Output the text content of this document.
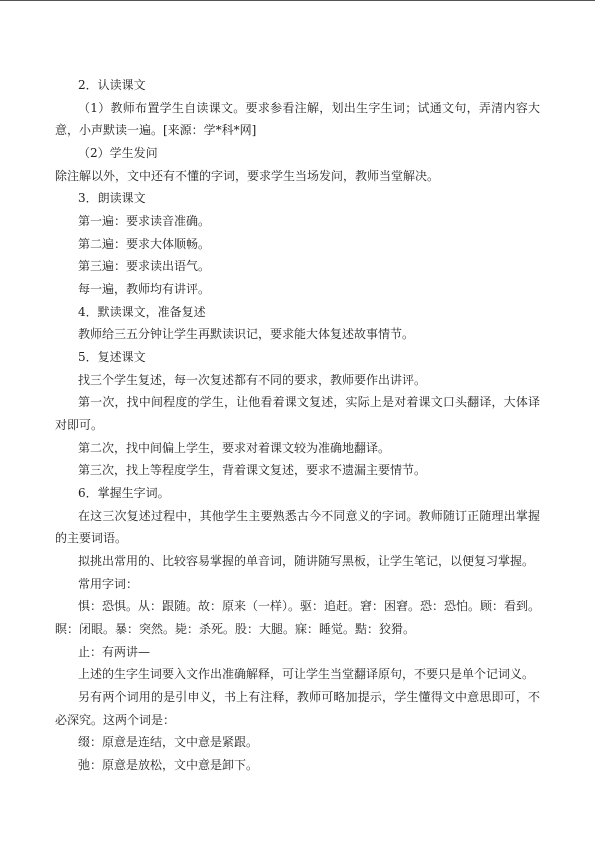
2．认读课文
（1）教师布置学生自读课文。要求参看注解，划出生字生词；试通文句，弄清内容大
意，小声默读一遍。[来源：学*科*网]
（2）学生发问
除注解以外，文中还有不懂的字词，要求学生当场发问，教师当堂解决。
3．朗读课文
第一遍：要求读音准确。
第二遍：要求大体顺畅。
第三遍：要求读出语气。
每一遍，教师均有讲评。
4．默读课文，准备复述
教师给三五分钟让学生再默读识记，要求能大体复述故事情节。
5．复述课文
找三个学生复述，每一次复述都有不同的要求，教师要作出讲评。
第一次，找中间程度的学生，让他看着课文复述，实际上是对着课文口头翻译，大体译
对即可。
第二次，找中间偏上学生，要求对着课文较为准确地翻译。
第三次，找上等程度学生，背着课文复述，要求不遗漏主要情节。
6．掌握生字词。
在这三次复述过程中，其他学生主要熟悉古今不同意义的字词。教师随订正随理出掌握
的主要词语。
拟挑出常用的、比较容易掌握的单音词，随讲随写黑板，让学生笔记，以便复习掌握。
常用字词：
惧：恐惧。从：跟随。故：原来（一样）。驱：追赶。窘：困窘。恐：恐怕。顾：看到。
瞑：闭眼。暴：突然。毙：杀死。股：大腿。寐：睡觉。黠：狡猾。
止：有两讲—
上述的生字生词要入文作出准确解释，可让学生当堂翻译原句，不要只是单个记词义。
另有两个词用的是引申义，书上有注释，教师可略加提示，学生懂得文中意思即可，不
必深究。这两个词是：
缀：原意是连结，文中意是紧跟。
弛：原意是放松，文中意是卸下。
